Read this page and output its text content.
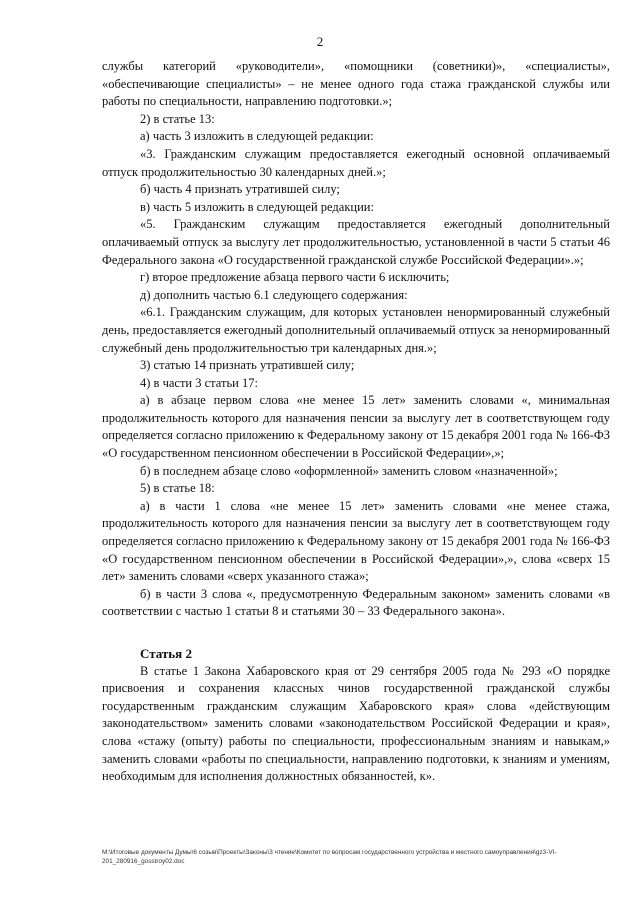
2

службы категорий «руководители», «помощники (советники)», «специалисты», «обеспечивающие специалисты» – не менее одного года стажа гражданской службы или работы по специальности, направлению подготовки.»;

2) в статье 13:

а) часть 3 изложить в следующей редакции:

«3. Гражданским служащим предоставляется ежегодный основной оплачиваемый отпуск продолжительностью 30 календарных дней.»;

б) часть 4 признать утратившей силу;

в) часть 5 изложить в следующей редакции:

«5. Гражданским служащим предоставляется ежегодный дополнительный оплачиваемый отпуск за выслугу лет продолжительностью, установленной в части 5 статьи 46 Федерального закона «О государственной гражданской службе Российской Федерации».»;

г) второе предложение абзаца первого части 6 исключить;

д) дополнить частью 6.1 следующего содержания:

«6.1. Гражданским служащим, для которых установлен ненормированный служебный день, предоставляется ежегодный дополнительный оплачиваемый отпуск за ненормированный служебный день продолжительностью три календарных дня.»;

3) статью 14 признать утратившей силу;

4) в части 3 статьи 17:

а) в абзаце первом слова «не менее 15 лет» заменить словами «, минимальная продолжительность которого для назначения пенсии за выслугу лет в соответствующем году определяется согласно приложению к Федеральному закону от 15 декабря 2001 года № 166-ФЗ «О государственном пенсионном обеспечении в Российской Федерации»,»;

б) в последнем абзаце слово «оформленной» заменить словом «назначенной»;

5) в статье 18:

а) в части 1 слова «не менее 15 лет» заменить словами «не менее стажа, продолжительность которого для назначения пенсии за выслугу лет в соответствующем году определяется согласно приложению к Федеральному закону от 15 декабря 2001 года № 166-ФЗ «О государственном пенсионном обеспечении в Российской Федерации»,», слова «сверх 15 лет» заменить словами «сверх указанного стажа»;

б) в части 3 слова «, предусмотренную Федеральным законом» заменить словами «в соответствии с частью 1 статьи 8 и статьями 30 – 33 Федерального закона».

Статья 2

В статье 1 Закона Хабаровского края от 29 сентября 2005 года № 293 «О порядке присвоения и сохранения классных чинов государственной гражданской службы государственным гражданским служащим Хабаровского края» слова «действующим законодательством» заменить словами «законодательством Российской Федерации и края», слова «стажу (опыту) работы по специальности, профессиональным знаниям и навыкам,» заменить словами «работы по специальности, направлению подготовки, к знаниям и умениям, необходимым для исполнения должностных обязанностей, к».

M:\Итоговые документы Думы\6 созыв\Проекты\Законы\3 чтение\Комитет по вопросам государственного устройства и местного самоуправления\gz3-VI-201_280916_gosstroy02.doc
